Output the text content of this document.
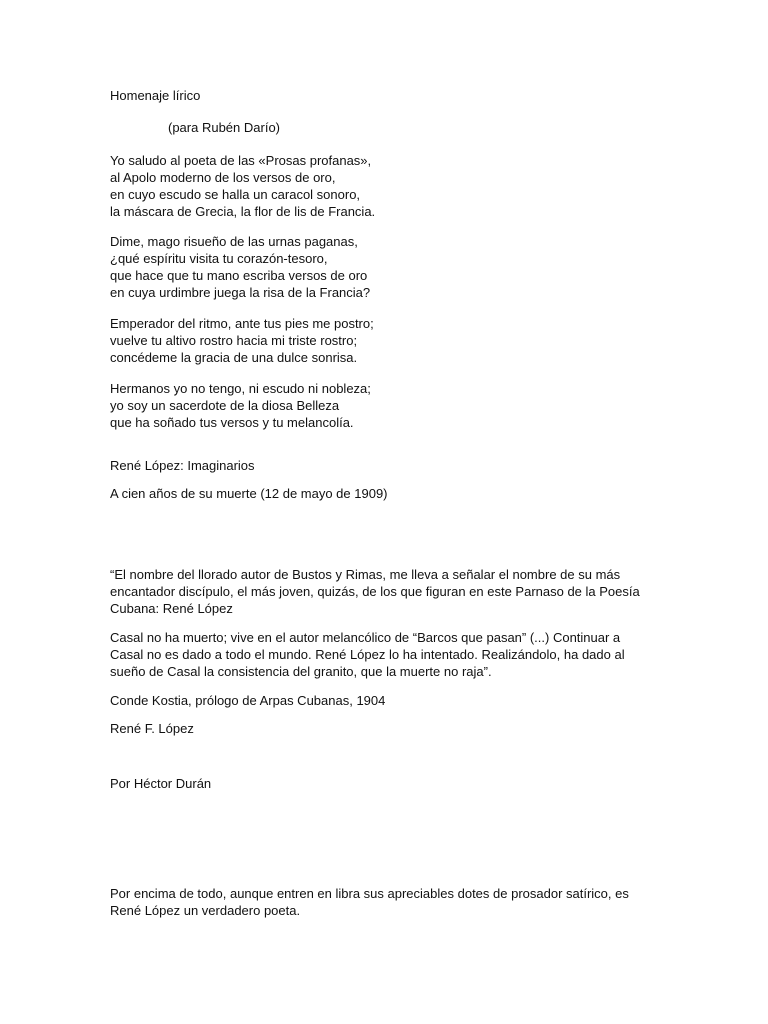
Homenaje lírico
(para Rubén Darío)
Yo saludo al poeta de las «Prosas profanas»,
al Apolo moderno de los versos de oro,
en cuyo escudo se halla un caracol sonoro,
la máscara de Grecia, la flor de lis de Francia.
Dime, mago risueño de las urnas paganas,
¿qué espíritu visita tu corazón-tesoro,
que hace que tu mano escriba versos de oro
en cuya urdimbre juega la risa de la Francia?
Emperador del ritmo, ante tus pies me postro;
vuelve tu altivo rostro hacia mi triste rostro;
concédeme la gracia de una dulce sonrisa.
Hermanos yo no tengo, ni escudo ni nobleza;
yo soy un sacerdote de la diosa Belleza
que ha soñado tus versos y tu melancolía.
René López: Imaginarios
A cien años de su muerte (12 de mayo de 1909)
“El nombre del llorado autor de Bustos y Rimas, me lleva a señalar el nombre de su más encantador discípulo, el más joven, quizás, de los que figuran en este Parnaso de la Poesía Cubana: René López
Casal no ha muerto; vive en el autor melancólico de “Barcos que pasan” (...) Continuar a Casal no es dado a todo el mundo. René López lo ha intentado. Realizándolo, ha dado al sueño de Casal la consistencia del granito, que la muerte no raja”.
Conde Kostia, prólogo de Arpas Cubanas, 1904
René F. López
Por Héctor Durán
Por encima de todo, aunque entren en libra sus apreciables dotes de prosador satírico, es René López un verdadero poeta.
